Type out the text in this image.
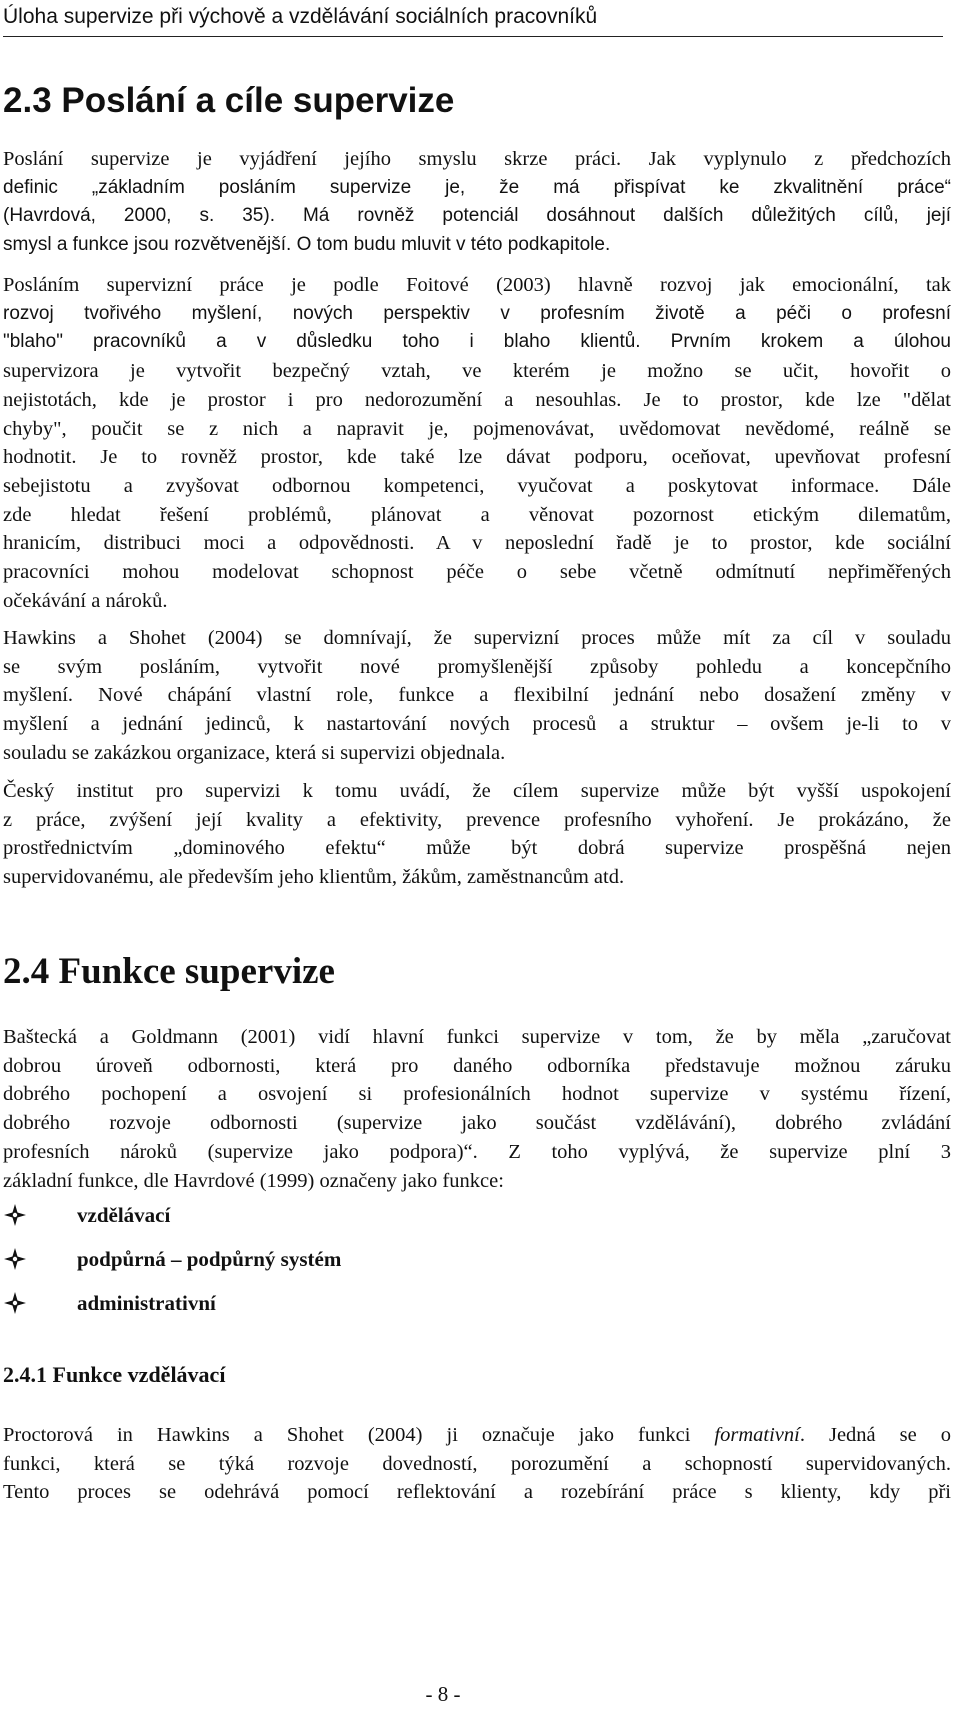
Úloha supervize při výchově a vzdělávání sociálních pracovníků
2.3 Poslání a cíle supervize

Poslání supervize je vyjádření jejího smyslu skrze práci. Jak vyplynulo z předchozích
definic „základním posláním supervize je, že má přispívat ke zkvalitnění práce“
(Havrdová, 2000, s. 35). Má rovněž potenciál dosáhnout dalších důležitých cílů, její
smysl a funkce jsou rozvětvenější. O tom budu mluvit v této podkapitole.

Posláním supervizní práce je podle Foitové (2003) hlavně rozvoj jak emocionální, tak
rozvoj tvořivého myšlení, nových perspektiv v profesním životě a péči o profesní
"blaho" pracovníků a v důsledku toho i blaho klientů. Prvním krokem a úlohou
supervizora je vytvořit bezpečný vztah, ve kterém je možno se učit, hovořit o
nejistotách, kde je prostor i pro nedorozumění a nesouhlas. Je to prostor, kde lze "dělat
chyby", poučit se z nich a napravit je, pojmenovávat, uvědomovat nevědomé, reálně se
hodnotit. Je to rovněž prostor, kde také lze dávat podporu, oceňovat, upevňovat profesní
sebejistotu a zvyšovat odbornou kompetenci, vyučovat a poskytovat informace. Dále
zde hledat řešení problémů, plánovat a věnovat pozornost etickým dilematům,
hranicím, distribuci moci a odpovědnosti. A v neposlední řadě je to prostor, kde sociální
pracovníci mohou modelovat schopnost péče o sebe včetně odmítnutí nepřiměřených
očekávání a nároků.

Hawkins a Shohet (2004) se domnívají, že supervizní proces může mít za cíl v souladu
se svým posláním, vytvořit nové promyšlenější způsoby pohledu a koncepčního
myšlení. Nové chápání vlastní role, funkce a flexibilní jednání nebo dosažení změny v
myšlení a jednání jedinců, k nastartování nových procesů a struktur – ovšem je-li to v
souladu se zakázkou organizace, která si supervizi objednala.

Český institut pro supervizi k tomu uvádí, že cílem supervize může být vyšší uspokojení
z práce, zvýšení její kvality a efektivity, prevence profesního vyhoření. Je prokázáno, že
prostřednictvím „dominového efektu“ může být dobrá supervize prospěšná nejen
supervidovanému, ale především jeho klientům, žákům, zaměstnancům atd.

2.4 Funkce supervize

Baštecká a Goldmann (2001) vidí hlavní funkci supervize v tom, že by měla „zaručovat
dobrou úroveň odbornosti, která pro daného odborníka představuje možnou záruku
dobrého pochopení a osvojení si profesionálních hodnot supervize v systému řízení,
dobrého rozvoje odbornosti (supervize jako součást vzdělávání), dobrého zvládání
profesních nároků (supervize jako podpora)“. Z toho vyplývá, že supervize plní 3
základní funkce, dle Havrdové (1999) označeny jako funkce:

vzdělávací
podpůrná – podpůrný systém
administrativní
2.4.1 Funkce vzdělávací

Proctorová in Hawkins a Shohet (2004) ji označuje jako funkci formativní. Jedná se o
funkci, která se týká rozvoje dovedností, porozumění a schopností supervidovaných.
Tento proces se odehrává pomocí reflektování a rozebírání práce s klienty, kdy při

- 8 -
